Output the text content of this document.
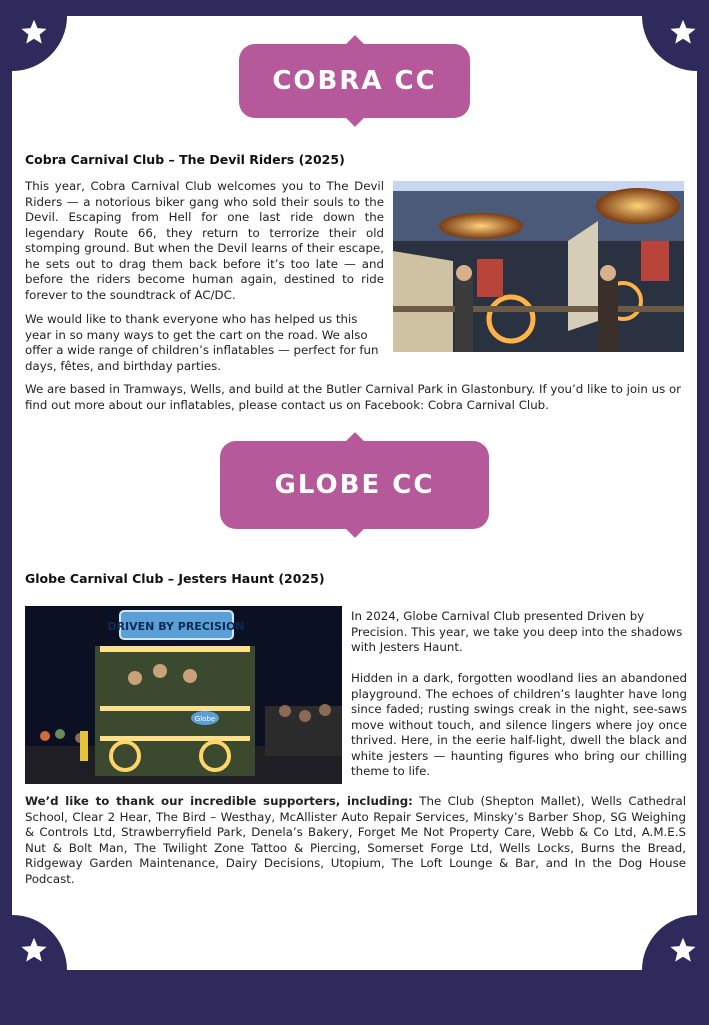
COBRA CC
Cobra Carnival Club – The Devil Riders (2025)

This year, Cobra Carnival Club welcomes you to The Devil Riders — a notorious biker gang who sold their souls to the Devil. Escaping from Hell for one last ride down the legendary Route 66, they return to terrorize their old stomping ground. But when the Devil learns of their escape, he sets out to drag them back before it’s too late — and before the riders become human again, destined to ride forever to the soundtrack of AC/DC.

We would like to thank everyone who has helped us this year in so many ways to get the cart on the road. We also offer a wide range of children’s inflatables — perfect for fun days, fêtes, and birthday parties.

We are based in Tramways, Wells, and build at the Butler Carnival Park in Glastonbury. If you’d like to join us or find out more about our inflatables, please contact us on Facebook: Cobra Carnival Club.

GLOBE CC
Globe Carnival Club – Jesters Haunt (2025)
DRIVEN BY PRECISION
Globe

In 2024, Globe Carnival Club presented Driven by Precision. This year, we take you deep into the shadows with Jesters Haunt.

Hidden in a dark, forgotten woodland lies an abandoned playground. The echoes of children’s laughter have long since faded; rusting swings creak in the night, see-saws move without touch, and silence lingers where joy once thrived. Here, in the eerie half-light, dwell the black and white jesters — haunting figures who bring our chilling theme to life.

We’d like to thank our incredible supporters, including: The Club (Shepton Mallet), Wells Cathedral School, Clear 2 Hear, The Bird – Westhay, McAllister Auto Repair Services, Minsky’s Barber Shop, SG Weighing & Controls Ltd, Strawberryfield Park, Denela’s Bakery, Forget Me Not Property Care, Webb & Co Ltd, A.M.E.S Nut & Bolt Man, The Twilight Zone Tattoo & Piercing, Somerset Forge Ltd, Wells Locks, Burns the Bread, Ridgeway Garden Maintenance, Dairy Decisions, Utopium, The Loft Lounge & Bar, and In the Dog House Podcast.
